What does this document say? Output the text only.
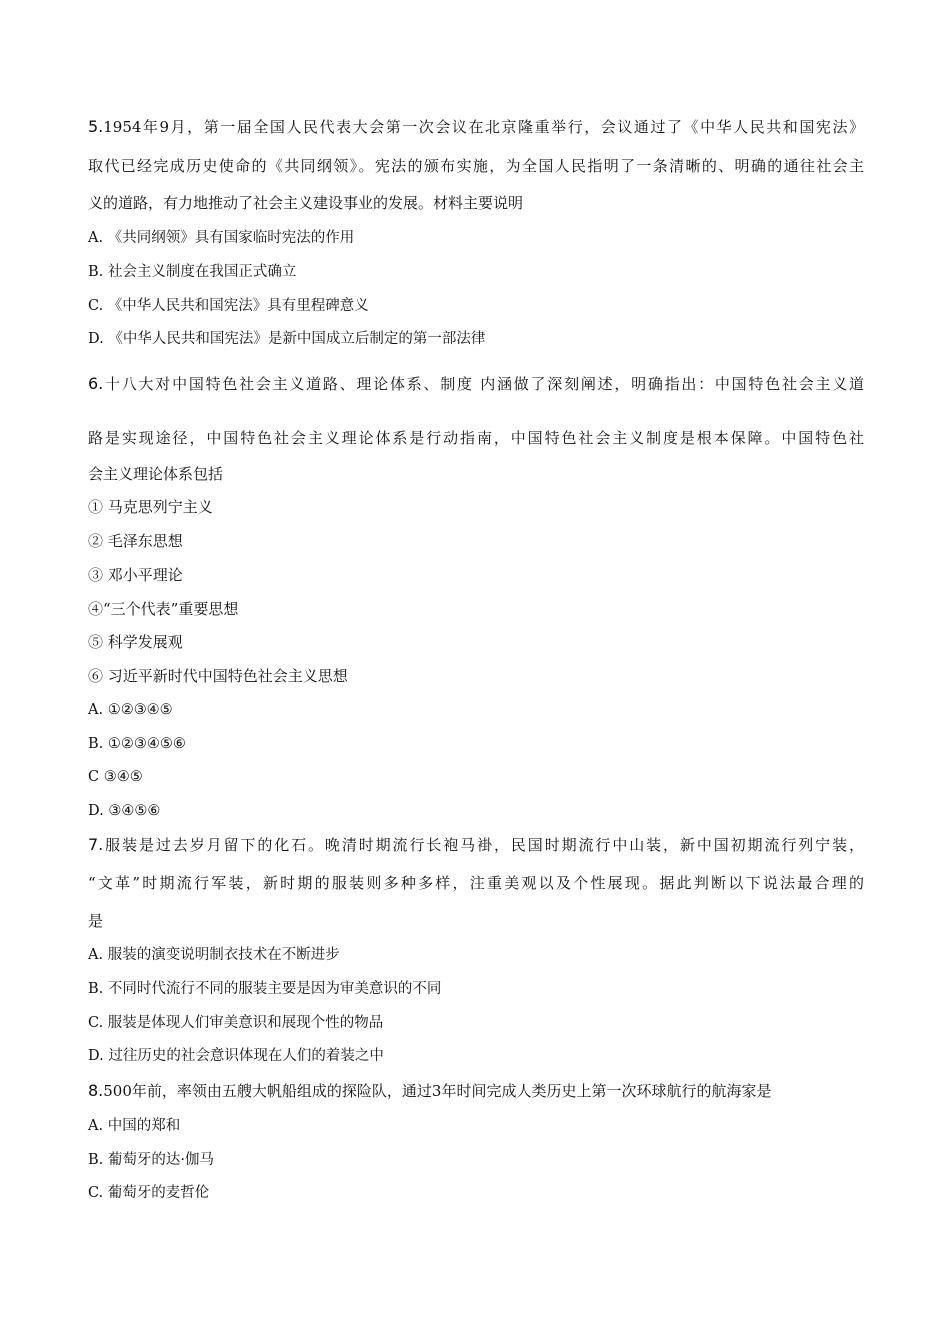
5.1954年9月，第一届全国人民代表大会第一次会议在北京隆重举行，会议通过了《中华人民共和国宪法》
取代已经完成历史使命的《共同纲领》。宪法的颁布实施，为全国人民指明了一条清晰的、明确的通往社会主
义的道路，有力地推动了社会主义建设事业的发展。材料主要说明
A. 《共同纲领》具有国家临时宪法的作用
B. 社会主义制度在我国正式确立
C. 《中华人民共和国宪法》具有里程碑意义
D. 《中华人民共和国宪法》是新中国成立后制定的第一部法律
6.十八大对中国特色社会主义道路、理论体系、制度 内涵做了深刻阐述，明确指出：中国特色社会主义道
路是实现途径，中国特色社会主义理论体系是行动指南，中国特色社会主义制度是根本保障。中国特色社
会主义理论体系包括
① 马克思列宁主义
② 毛泽东思想
③ 邓小平理论
④“三个代表”重要思想
⑤ 科学发展观
⑥ 习近平新时代中国特色社会主义思想
A. ①②③④⑤
B. ①②③④⑤⑥
C ③④⑤
D. ③④⑤⑥
7.服装是过去岁月留下的化石。晚清时期流行长袍马褂，民国时期流行中山装，新中国初期流行列宁装，
“文革”时期流行军装，新时期的服装则多种多样，注重美观以及个性展现。据此判断以下说法最合理的
是
A. 服装的演变说明制衣技术在不断进步
B. 不同时代流行不同的服装主要是因为审美意识的不同
C. 服装是体现人们审美意识和展现个性的物品
D. 过往历史的社会意识体现在人们的着装之中
8.500年前，率领由五艘大帆船组成的探险队，通过3年时间完成人类历史上第一次环球航行的航海家是
A. 中国的郑和
B. 葡萄牙的达·伽马
C. 葡萄牙的麦哲伦
